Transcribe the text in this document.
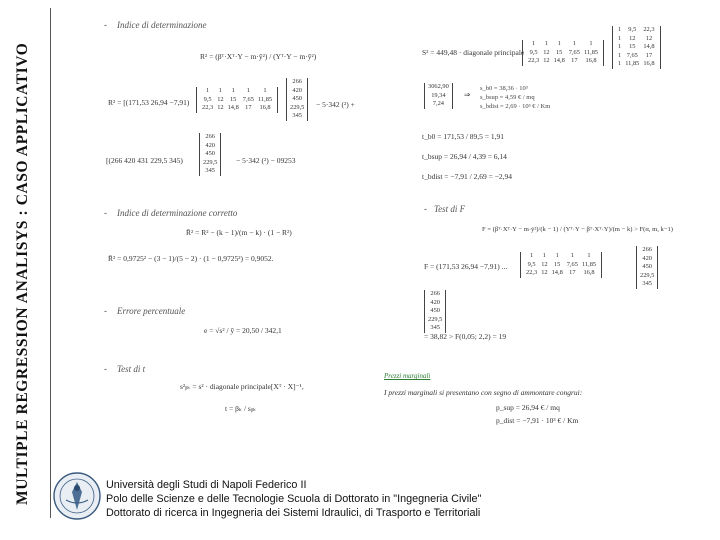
MULTIPLE REGRESSION ANALISYS : CASO APPLICATIVO
- Indice di determinazione
R² = (βᵀ·Xᵀ·Y − m·ȳ²) / (Yᵀ·Y − m·ȳ²)
R² = [(171,53 26,94 −7,91)
1	1	1	1	1
9,5	12	15	7,65	11,85
22,3	12	14,8	17	16,8
266
420
450
229,5
345
− 5·342 (²) +
266
420
450
229,5
345
[(266 420 431 229,5 345)	− 5·342 (²) − 09253
- Indice di determinazione corretto
R̄² = R² − (k − 1)/(m − k) · (1 − R²)
R̄² = 0,9725² − (3 − 1)/(5 − 2) · (1 − 0,9725²) = 0,9052.
- Errore percentuale
e = √s² / ȳ = 20,50 / 342,1
- Test di t
s²ᵦₖ = s² · diagonale principale[Xᵀ · X]⁻¹,
t = βₖ / sᵦₖ
S² = 449,48 · diagonale principale
1	1	1	1	1
9,5	12	15	7,65	11,85
22,3	12	14,8	17	16,8
1	9,5	22,3
1	12	12
1	15	14,8
1	7,65	17
1	11,85	16,8
3062,90
19,34
7,24
⇒
s_b0 = 38,36 · 10³
s_bsup = 4,59 € / mq
s_bdist = 2,69 · 10³ € / Km
t_b0 = 171,53 / 89,5 = 1,91
t_bsup = 26,94 / 4,39 = 6,14
t_bdist = −7,91 / 2,69 = −2,94
- Test di F
F = (βᵀ·Xᵀ·Y − m·ȳ²)/(k − 1) / (Yᵀ·Y − βᵀ·Xᵀ·Y)/(m − k) > F(α, m, k−1)
F = (171,53 26,94 −7,91) ...
266
420
450
229,5
345
1	1	1	1	1
9,5	12	15	7,65	11,85
22,3	12	14,8	17	16,8
266
420
450
229,5
345
= 38,82 > F(0,05; 2,2) = 19
Prezzi marginali
I prezzi marginali si presentano con segno di ammontare congrui:
p_sup = 26,94 € / mq
p_dist = −7,91 · 10³ € / Km
Università degli Studi di Napoli Federico II
Polo delle Scienze e delle Tecnologie Scuola di Dottorato in "Ingegneria Civile"
Dottorato di ricerca in Ingegneria dei Sistemi Idraulici, di Trasporto e Territoriali
